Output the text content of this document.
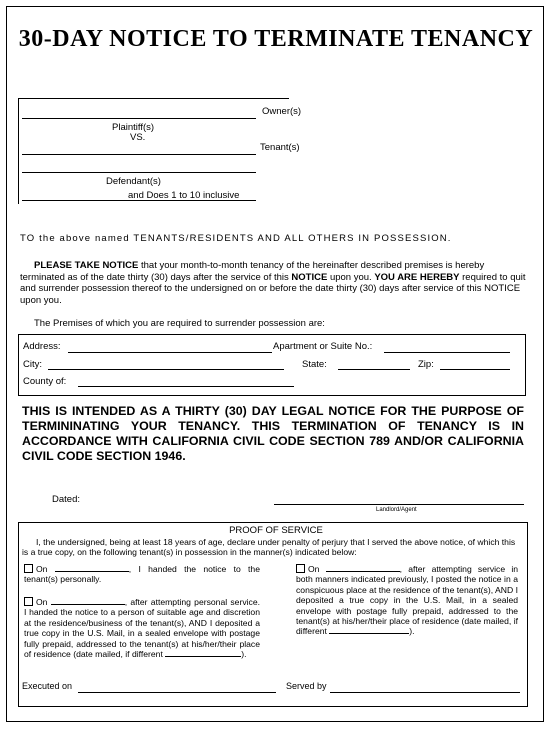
30-DAY NOTICE TO TERMINATE TENANCY
Owner(s)
Plaintiff(s)
VS.
Tenant(s)
Defendant(s)
and Does 1 to 10 inclusive
TO the above named TENANTS/RESIDENTS AND ALL OTHERS IN POSSESSION.
PLEASE TAKE NOTICE that your month-to-month tenancy of the hereinafter described premises is hereby terminated as of the date thirty (30) days after the service of this NOTICE upon you. YOU ARE HEREBY required to quit and surrender possession thereof to the undersigned on or before the date thirty (30) days after service of this NOTICE upon you.
The Premises of which you are required to surrender possession are:
Address:	Apartment or Suite No.:
City:	State:	Zip:
County of:
THIS IS INTENDED AS A THIRTY (30) DAY LEGAL NOTICE FOR THE PURPOSE OF TERMININATING YOUR TENANCY. THIS TERMINATION OF TENANCY IS IN ACCORDANCE WITH CALIFORNIA CIVIL CODE SECTION 789 AND/OR CALIFORNIA CIVIL CODE SECTION 1946.
Dated:
Landlord/Agent
PROOF OF SERVICE
I, the undersigned, being at least 18 years of age, declare under penalty of perjury that I served the above notice, of which this is a true copy, on the following tenant(s) in possession in the manner(s) indicated below:
On	, I handed the notice to the tenant(s) personally.
On	, after attempting personal service. I handed the notice to a person of suitable age and discretion at the residence/business of the tenant(s), AND I deposited a true copy in the U.S. Mail, in a sealed envelope with postage fully prepaid, addressed to the tenant(s) at his/her/their place of residence (date mailed, if different	).
On	, after attempting service in both manners indicated previously, I posted the notice in a conspicuous place at the residence of the tenant(s), AND I deposited a true copy in the U.S. Mail, in a sealed envelope with postage fully prepaid, addressed to the tenant(s) at his/her/their place of residence (date mailed, if different	).
Executed on	Served by
